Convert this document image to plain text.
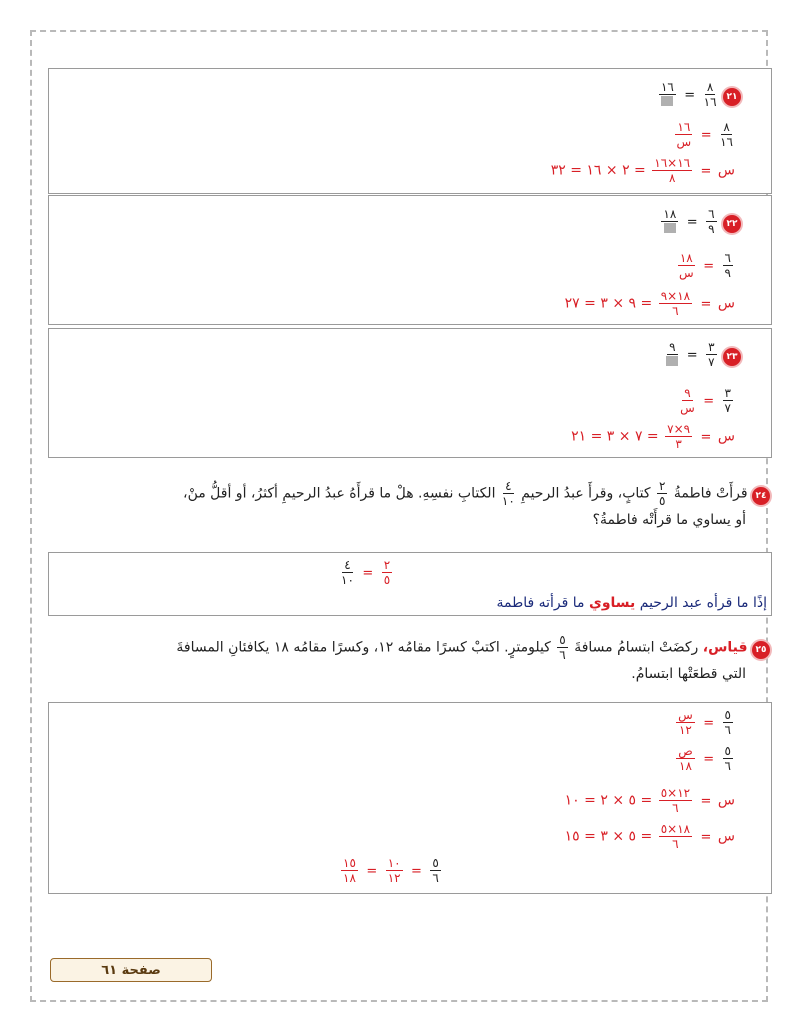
٢١
$\frac{٨}{١٦}$
=
١٦
$\frac{٨}{١٦}$
=
$\frac{١٦}{\text{س}}$
س =
$\frac{١٦\times ١٦}{٨}$
= ٢ × ١٦ = ٣٢
٢٢
$\frac{٦}{٩}$
=
١٨
$\frac{٦}{٩}$
=
$\frac{١٨}{\text{س}}$
س =
$\frac{١٨\times ٩}{٦}$
= ٩ × ٣ = ٢٧
٢٣
$\frac{٣}{٧}$
=
٩
$\frac{٣}{٧}$
=
$\frac{٩}{\text{س}}$
س =
$\frac{٩\times ٧}{٣}$
= ٧ × ٣ = ٢١
٢٤ قرأَتْ فاطمةُ
$\frac{٢}{٥}$
كتابٍ، وقرأَ عبدُ الرحيمِ
$\frac{٤}{١٠}$
الكتابِ نفسِهِ. هلْ ما قرأَهُ عبدُ الرحيمِ أكثرُ، أو أقلُّ منْ،
أو يساوي ما قرأَتْه فاطمةُ؟
$\frac{٢}{٥}$
=
$\frac{٤}{١٠}$
إذًا ما قرأه عبد الرحيم يساوي ما قرأته فاطمة
٢٥ قياس، ركضَتْ ابتسامُ مسافةَ
$\frac{٥}{٦}$
كيلومترٍ. اكتبْ كسرًا مقامُه ١٢، وكسرًا مقامُه ١٨ يكافئانِ المسافةَ
التي قطعَتْها ابتسامُ.
$\frac{٥}{٦}$
=
$\frac{\text{س}}{١٢}$
$\frac{٥}{٦}$
=
$\frac{\text{ص}}{١٨}$
س =
$\frac{١٢\times ٥}{٦}$
= ٥ × ٢ = ١٠
س =
$\frac{١٨\times ٥}{٦}$
= ٥ × ٣ = ١٥
$\frac{٥}{٦}$
=
$\frac{١٠}{١٢}$
=
$\frac{١٥}{١٨}$
صفحة ٦١
